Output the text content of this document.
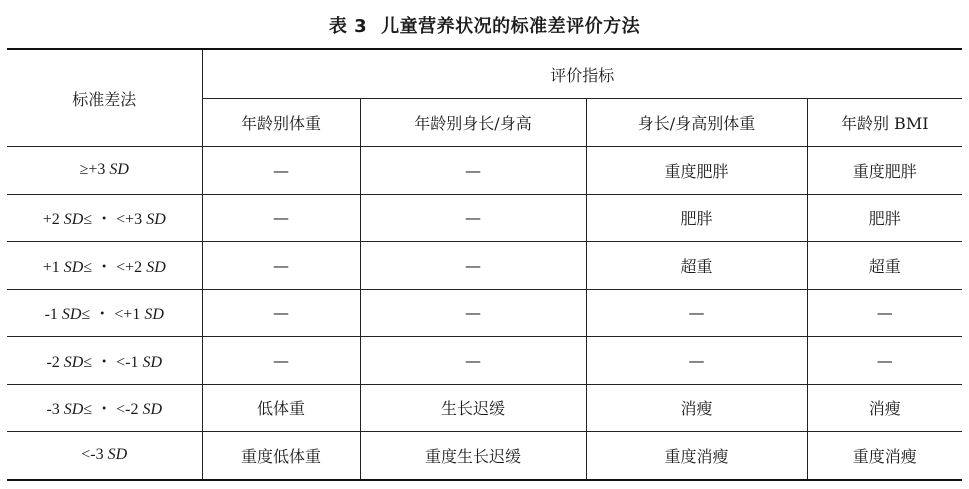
表 3 儿童营养状况的标准差评价方法
标准差法	评价指标			
	年龄别体重	年龄别身长/身高	身长/身高别体重	年龄别 BMI
≥+3 SD	—	—	重度肥胖	重度肥胖
+2 SD≤ ・ <+3 SD	—	—	肥胖	肥胖
+1 SD≤ ・ <+2 SD	—	—	超重	超重
-1 SD≤ ・ <+1 SD	—	—	—	—
-2 SD≤ ・ <-1 SD	—	—	—	—
-3 SD≤ ・ <-2 SD	低体重	生长迟缓	消瘦	消瘦
<-3 SD	重度低体重	重度生长迟缓	重度消瘦	重度消瘦
